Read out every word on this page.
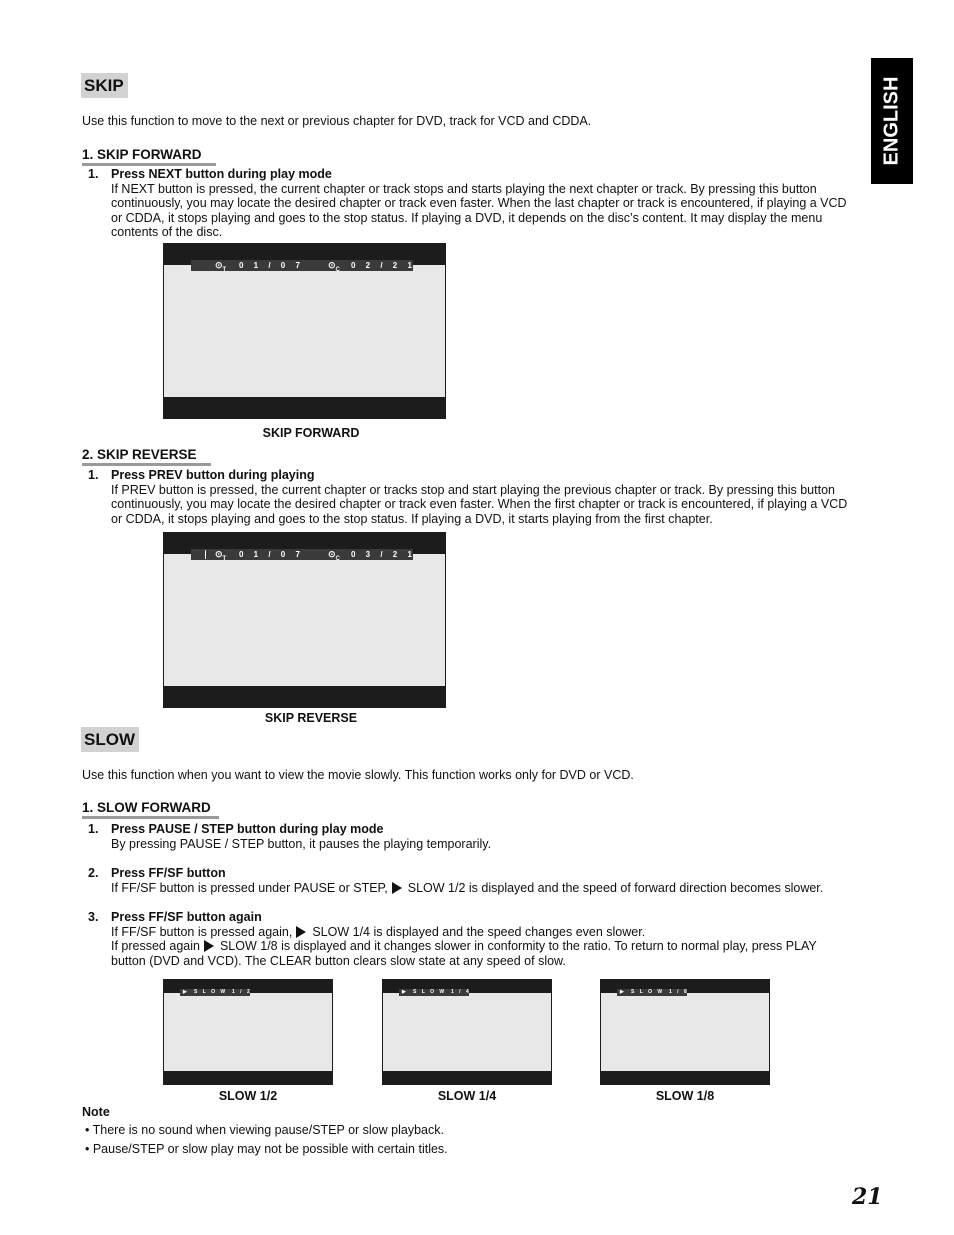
ENGLISH
SKIP
Use this function to move to the next or previous chapter for DVD, track for VCD and CDDA.
1. SKIP FORWARD
1. Press NEXT button during play mode
If NEXT button is pressed, the current chapter or track stops and starts playing the next chapter or track. By pressing this button continuously, you may locate the desired chapter or track even faster. When the last chapter or track is encountered, if playing a VCD or CDDA, it stops playing and goes to the stop status. If playing a DVD, it depends on the disc’s content. It may display the menu contents of the disc.
$⊙_T$ 0 1 / 0 7	$⊙_C$ 0 2 / 2 1
SKIP FORWARD
2. SKIP REVERSE
1. Press PREV button during playing
If PREV button is pressed, the current chapter or tracks stop and start playing the previous chapter or track. By pressing this button continuously, you may locate the desired chapter or track even faster. When the first chapter or track is encountered, if playing a VCD or CDDA, it stops playing and goes to the stop status. If playing a DVD, it starts playing from the first chapter.
$⊙_T$ 0 1 / 0 7	$⊙_C$ 0 3 / 2 1
SKIP REVERSE
SLOW
Use this function when you want to view the movie slowly. This function works only for DVD or VCD.
1. SLOW FORWARD
1. Press PAUSE / STEP button during play mode
By pressing PAUSE / STEP button, it pauses the playing temporarily.
2. Press FF/SF button
If FF/SF button is pressed under PAUSE or STEP, SLOW 1/2 is displayed and the speed of forward direction becomes slower.
3. Press FF/SF button again
If FF/SF button is pressed again, SLOW 1/4 is displayed and the speed changes even slower.
If pressed again SLOW 1/8 is displayed and it changes slower in conformity to the ratio. To return to normal play, press PLAY button (DVD and VCD). The CLEAR button clears slow state at any speed of slow.
▶ S L O W 1 / 2
SLOW 1/2
▶ S L O W 1 / 4
SLOW 1/4
▶ S L O W 1 / 8
SLOW 1/8
Note
• There is no sound when viewing pause/STEP or slow playback.
• Pause/STEP or slow play may not be possible with certain titles.
21
